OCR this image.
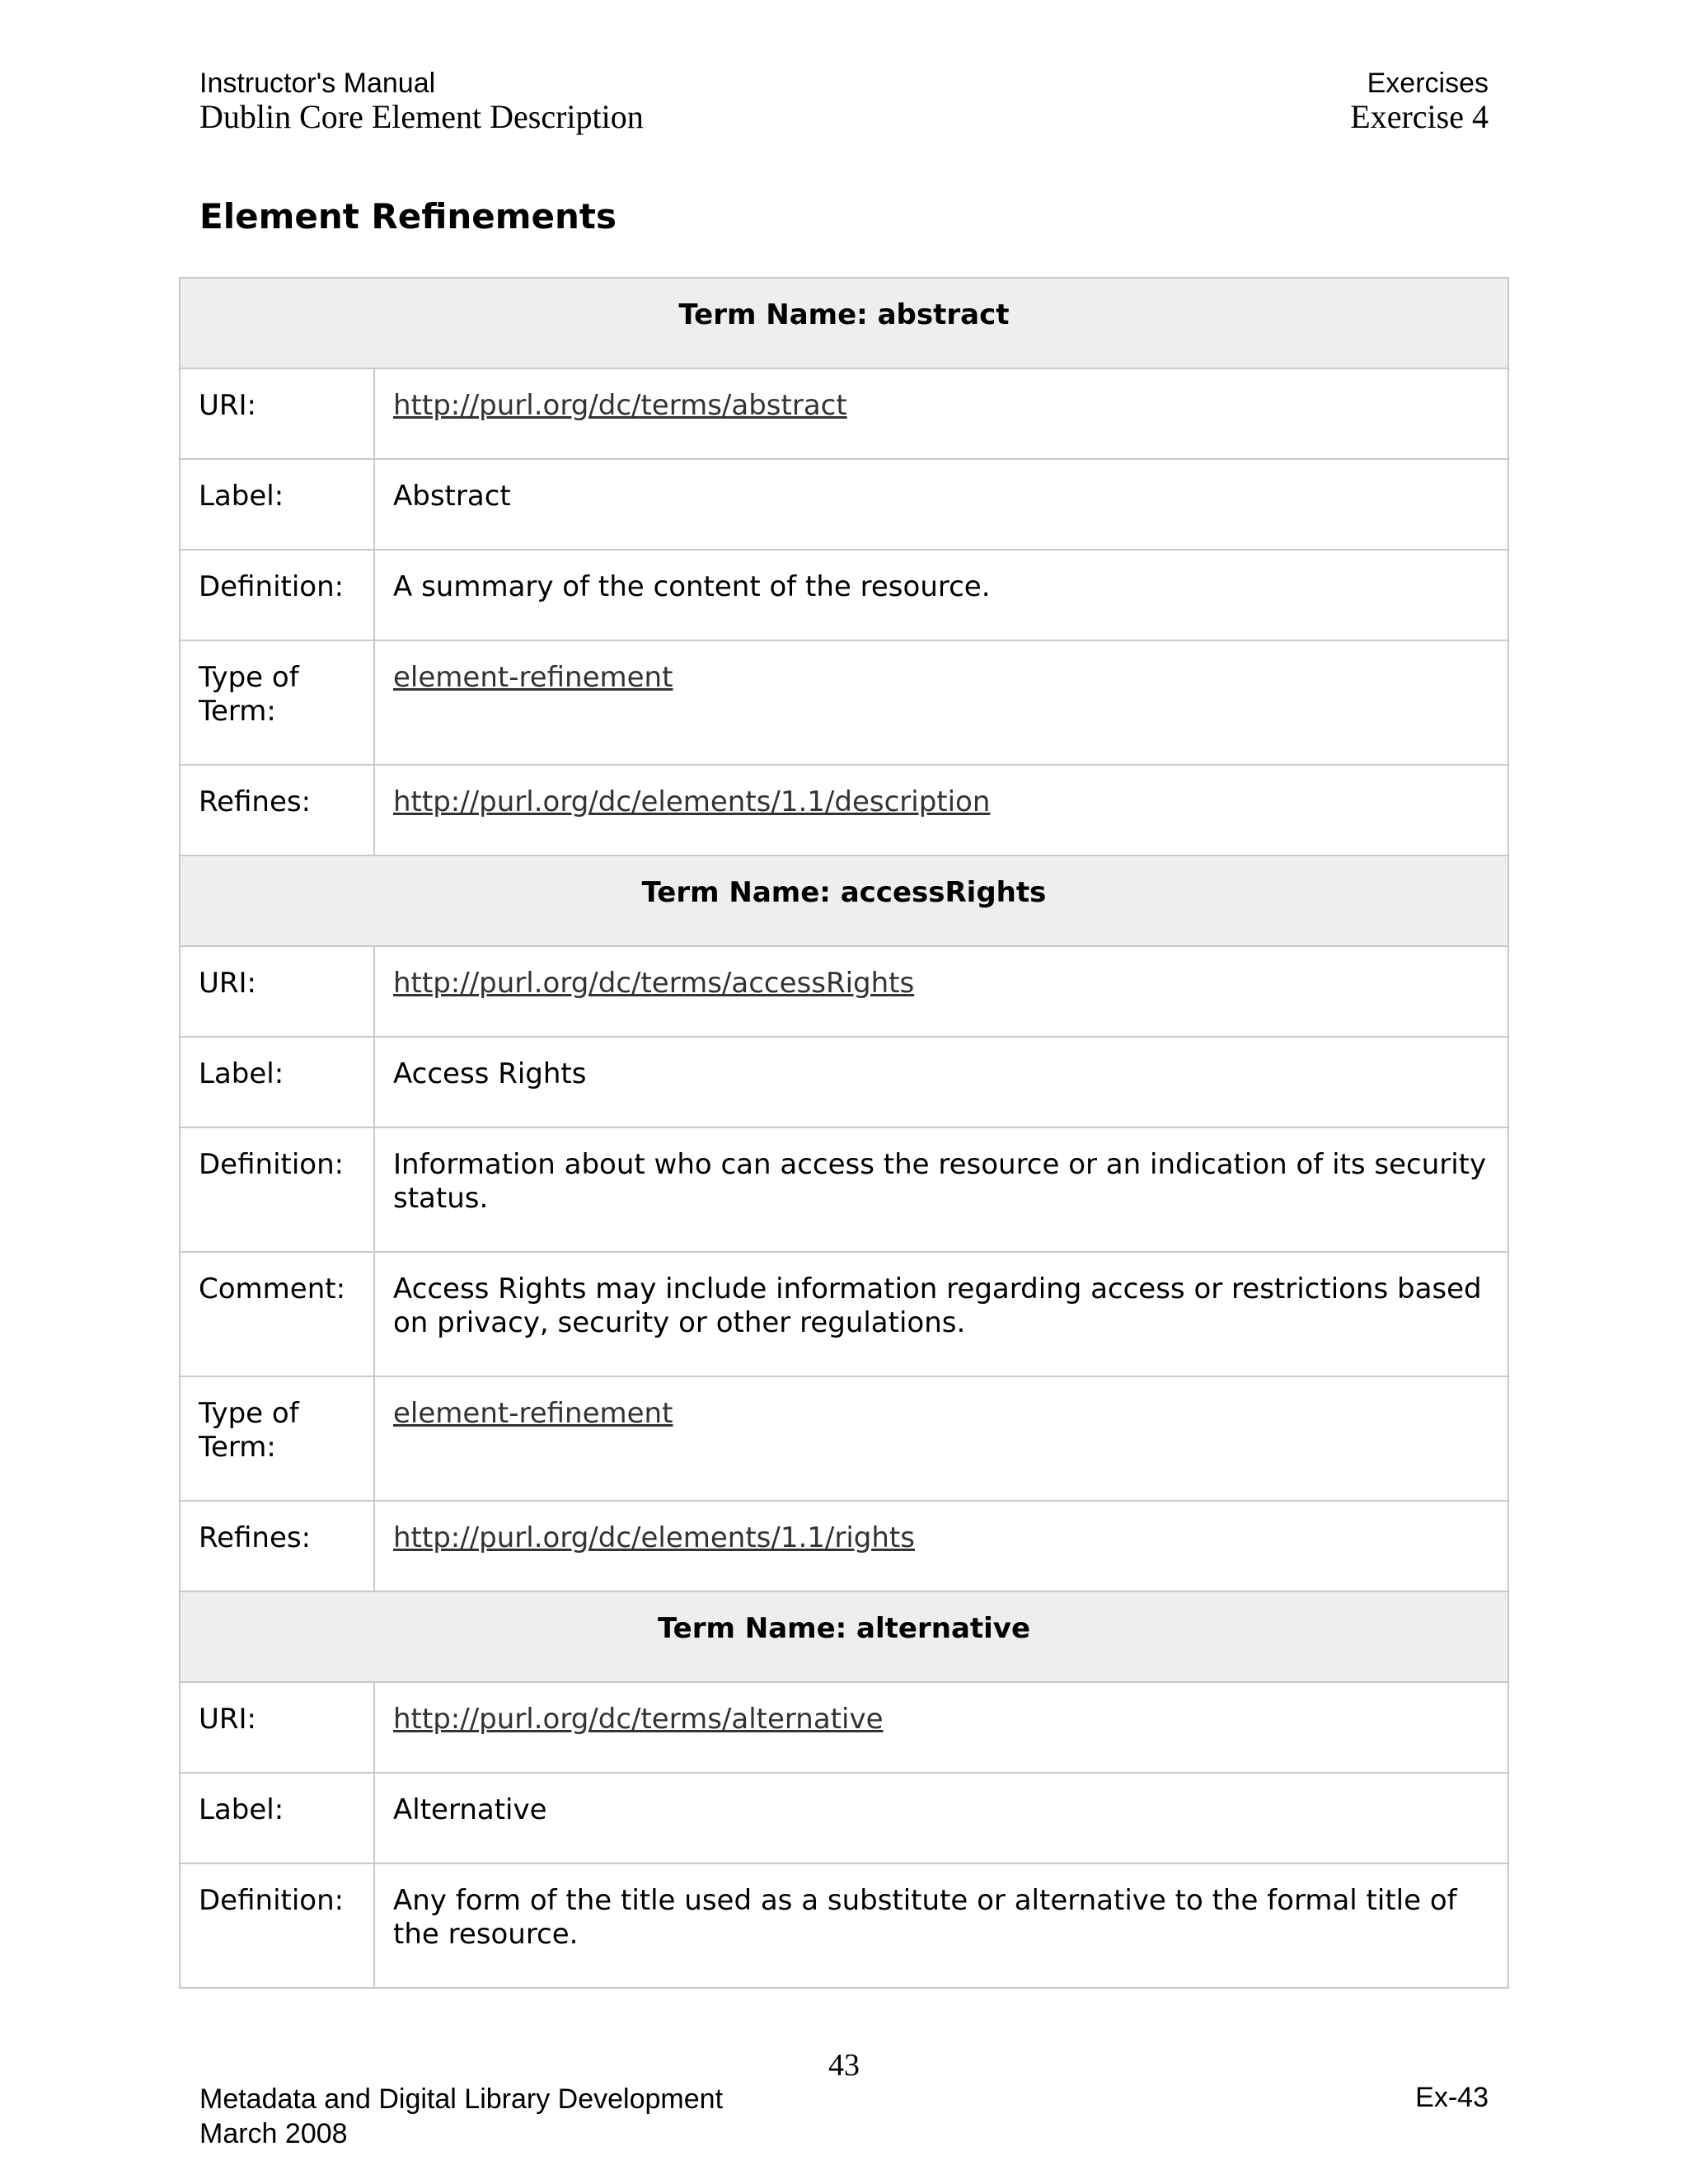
Instructor's Manual
Dublin Core Element Description
Exercises
Exercise 4
Element Refinements
Term Name: abstract	
URI:	http://purl.org/dc/terms/abstract
Label:	Abstract
Definition:	A summary of the content of the resource.
Type of Term:	element-refinement
Refines:	http://purl.org/dc/elements/1.1/description
Term Name: accessRights	
URI:	http://purl.org/dc/terms/accessRights
Label:	Access Rights
Definition:	Information about who can access the resource or an indication of its security status.
Comment:	Access Rights may include information regarding access or restrictions based on privacy, security or other regulations.
Type of Term:	element-refinement
Refines:	http://purl.org/dc/elements/1.1/rights
Term Name: alternative	
URI:	http://purl.org/dc/terms/alternative
Label:	Alternative
Definition:	Any form of the title used as a substitute or alternative to the formal title of the resource.
43
Metadata and Digital Library Development
March 2008
Ex-43
